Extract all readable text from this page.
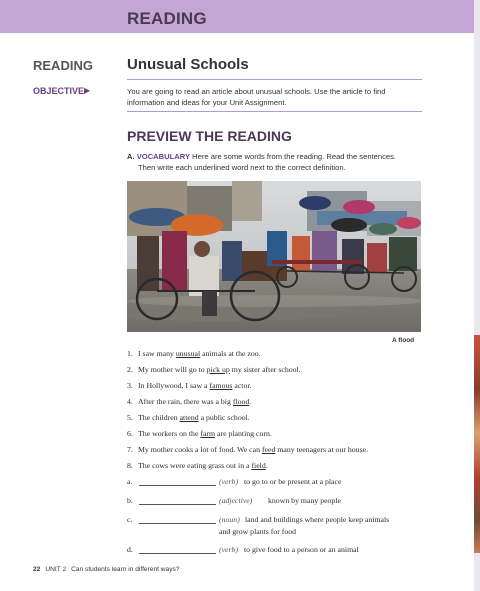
READING
READING Unusual Schools
OBJECTIVE ▶	You are going to read an article about unusual schools. Use the article to find
information and ideas for your Unit Assignment.
PREVIEW THE READING
A. VOCABULARY Here are some words from the reading. Read the sentences.
Then write each underlined word next to the correct definition.
A flood
1. I saw many unusual animals at the zoo.
2. My mother will go to pick up my sister after school.
3. In Hollywood, I saw a famous actor.
4. After the rain, there was a big flood.
5. The children attend a public school.
6. The workers on the farm are planting corn.
7. My mother cooks a lot of food. We can feed many teenagers at our house.
8. The cows were eating grass out in a field.
a.	(verb) to go to or be present at a place
b.	(adjective) known by many people
c.	(noun) land and buildings where people keep animals
and grow plants for food
d.	(verb) to give food to a person or an animal
22 UNIT 2 Can students learn in different ways?
